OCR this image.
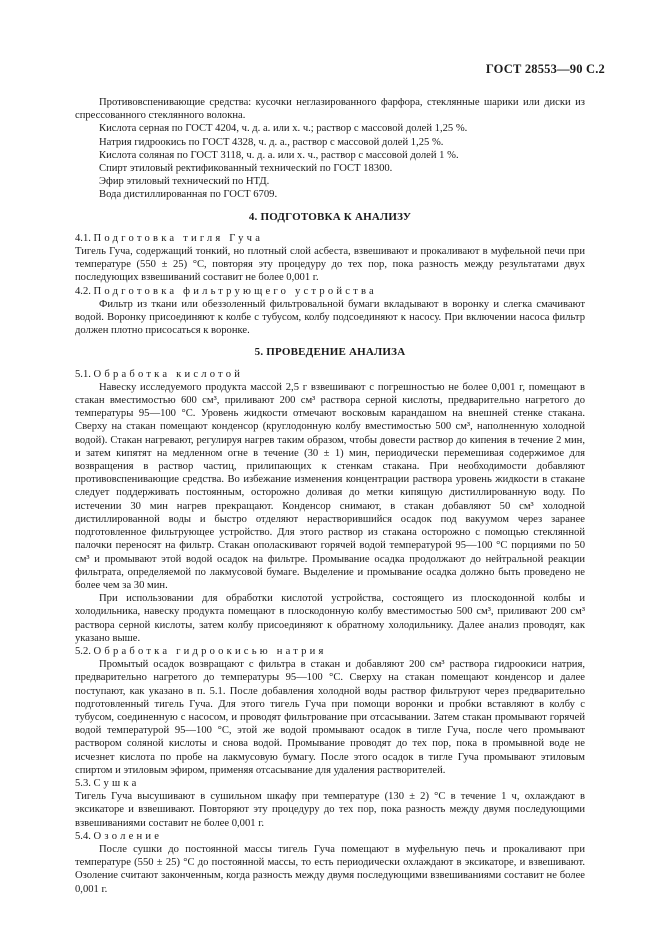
ГОСТ 28553—90 С.2

Противовспенивающие средства: кусочки неглазированного фарфора, стеклянные шарики или диски из спрессованного стеклянного волокна.

Кислота серная по ГОСТ 4204, ч. д. а. или х. ч.; раствор с массовой долей 1,25 %.

Натрия гидроокись по ГОСТ 4328, ч. д. а., раствор с массовой долей 1,25 %.

Кислота соляная по ГОСТ 3118, ч. д. а. или х. ч., раствор с массовой долей 1 %.

Спирт этиловый ректификованный технический по ГОСТ 18300.

Эфир этиловый технический по НТД.

Вода дистиллированная по ГОСТ 6709.

4. ПОДГОТОВКА К АНАЛИЗУ

4.1. Подготовка тигля Гуча

Тигель Гуча, содержащий тонкий, но плотный слой асбеста, взвешивают и прокаливают в муфельной печи при температуре (550 ± 25) °С, повторяя эту процедуру до тех пор, пока разность между результатами двух последующих взвешиваний составит не более 0,001 г.

4.2. Подготовка фильтрующего устройства

Фильтр из ткани или обеззоленный фильтровальной бумаги вкладывают в воронку и слегка смачивают водой. Воронку присоединяют к колбе с тубусом, колбу подсоединяют к насосу. При включении насоса фильтр должен плотно присосаться к воронке.

5. ПРОВЕДЕНИЕ АНАЛИЗА

5.1. Обработка кислотой

Навеску исследуемого продукта массой 2,5 г взвешивают с погрешностью не более 0,001 г, помещают в стакан вместимостью 600 см³, приливают 200 см³ раствора серной кислоты, предварительно нагретого до температуры 95—100 °С. Уровень жидкости отмечают восковым карандашом на внешней стенке стакана. Сверху на стакан помещают конденсор (круглодонную колбу вместимостью 500 см³, наполненную холодной водой). Стакан нагревают, регулируя нагрев таким образом, чтобы довести раствор до кипения в течение 2 мин, и затем кипятят на медленном огне в течение (30 ± 1) мин, периодически перемешивая содержимое для возвращения в раствор частиц, прилипающих к стенкам стакана. При необходимости добавляют противовспенивающие средства. Во избежание изменения концентрации раствора уровень жидкости в стакане следует поддерживать постоянным, осторожно доливая до метки кипящую дистиллированную воду. По истечении 30 мин нагрев прекращают. Конденсор снимают, в стакан добавляют 50 см³ холодной дистиллированной воды и быстро отделяют нерастворившийся осадок под вакуумом через заранее подготовленное фильтрующее устройство. Для этого раствор из стакана осторожно с помощью стеклянной палочки переносят на фильтр. Стакан ополаскивают горячей водой температурой 95—100 °С порциями по 50 см³ и промывают этой водой осадок на фильтре. Промывание осадка продолжают до нейтральной реакции фильтрата, определяемой по лакмусовой бумаге. Выделение и промывание осадка должно быть проведено не более чем за 30 мин.

При использовании для обработки кислотой устройства, состоящего из плоскодонной колбы и холодильника, навеску продукта помещают в плоскодонную колбу вместимостью 500 см³, приливают 200 см³ раствора серной кислоты, затем колбу присоединяют к обратному холодильнику. Далее анализ проводят, как указано выше.

5.2. Обработка гидроокисью натрия

Промытый осадок возвращают с фильтра в стакан и добавляют 200 см³ раствора гидроокиси натрия, предварительно нагретого до температуры 95—100 °С. Сверху на стакан помещают конденсор и далее поступают, как указано в п. 5.1. После добавления холодной воды раствор фильтруют через предварительно подготовленный тигель Гуча. Для этого тигель Гуча при помощи воронки и пробки вставляют в колбу с тубусом, соединенную с насосом, и проводят фильтрование при отсасывании. Затем стакан промывают горячей водой температурой 95—100 °С, этой же водой промывают осадок в тигле Гуча, после чего промывают раствором соляной кислоты и снова водой. Промывание проводят до тех пор, пока в промывной воде не исчезнет кислота по пробе на лакмусовую бумагу. После этого осадок в тигле Гуча промывают этиловым спиртом и этиловым эфиром, применяя отсасывание для удаления растворителей.

5.3. Сушка

Тигель Гуча высушивают в сушильном шкафу при температуре (130 ± 2) °С в течение 1 ч, охлаждают в эксикаторе и взвешивают. Повторяют эту процедуру до тех пор, пока разность между двумя последующими взвешиваниями составит не более 0,001 г.

5.4. Озоление

После сушки до постоянной массы тигель Гуча помещают в муфельную печь и прокаливают при температуре (550 ± 25) °С до постоянной массы, то есть периодически охлаждают в эксикаторе, и взвешивают. Озоление считают законченным, когда разность между двумя последующими взвешиваниями составит не более 0,001 г.
